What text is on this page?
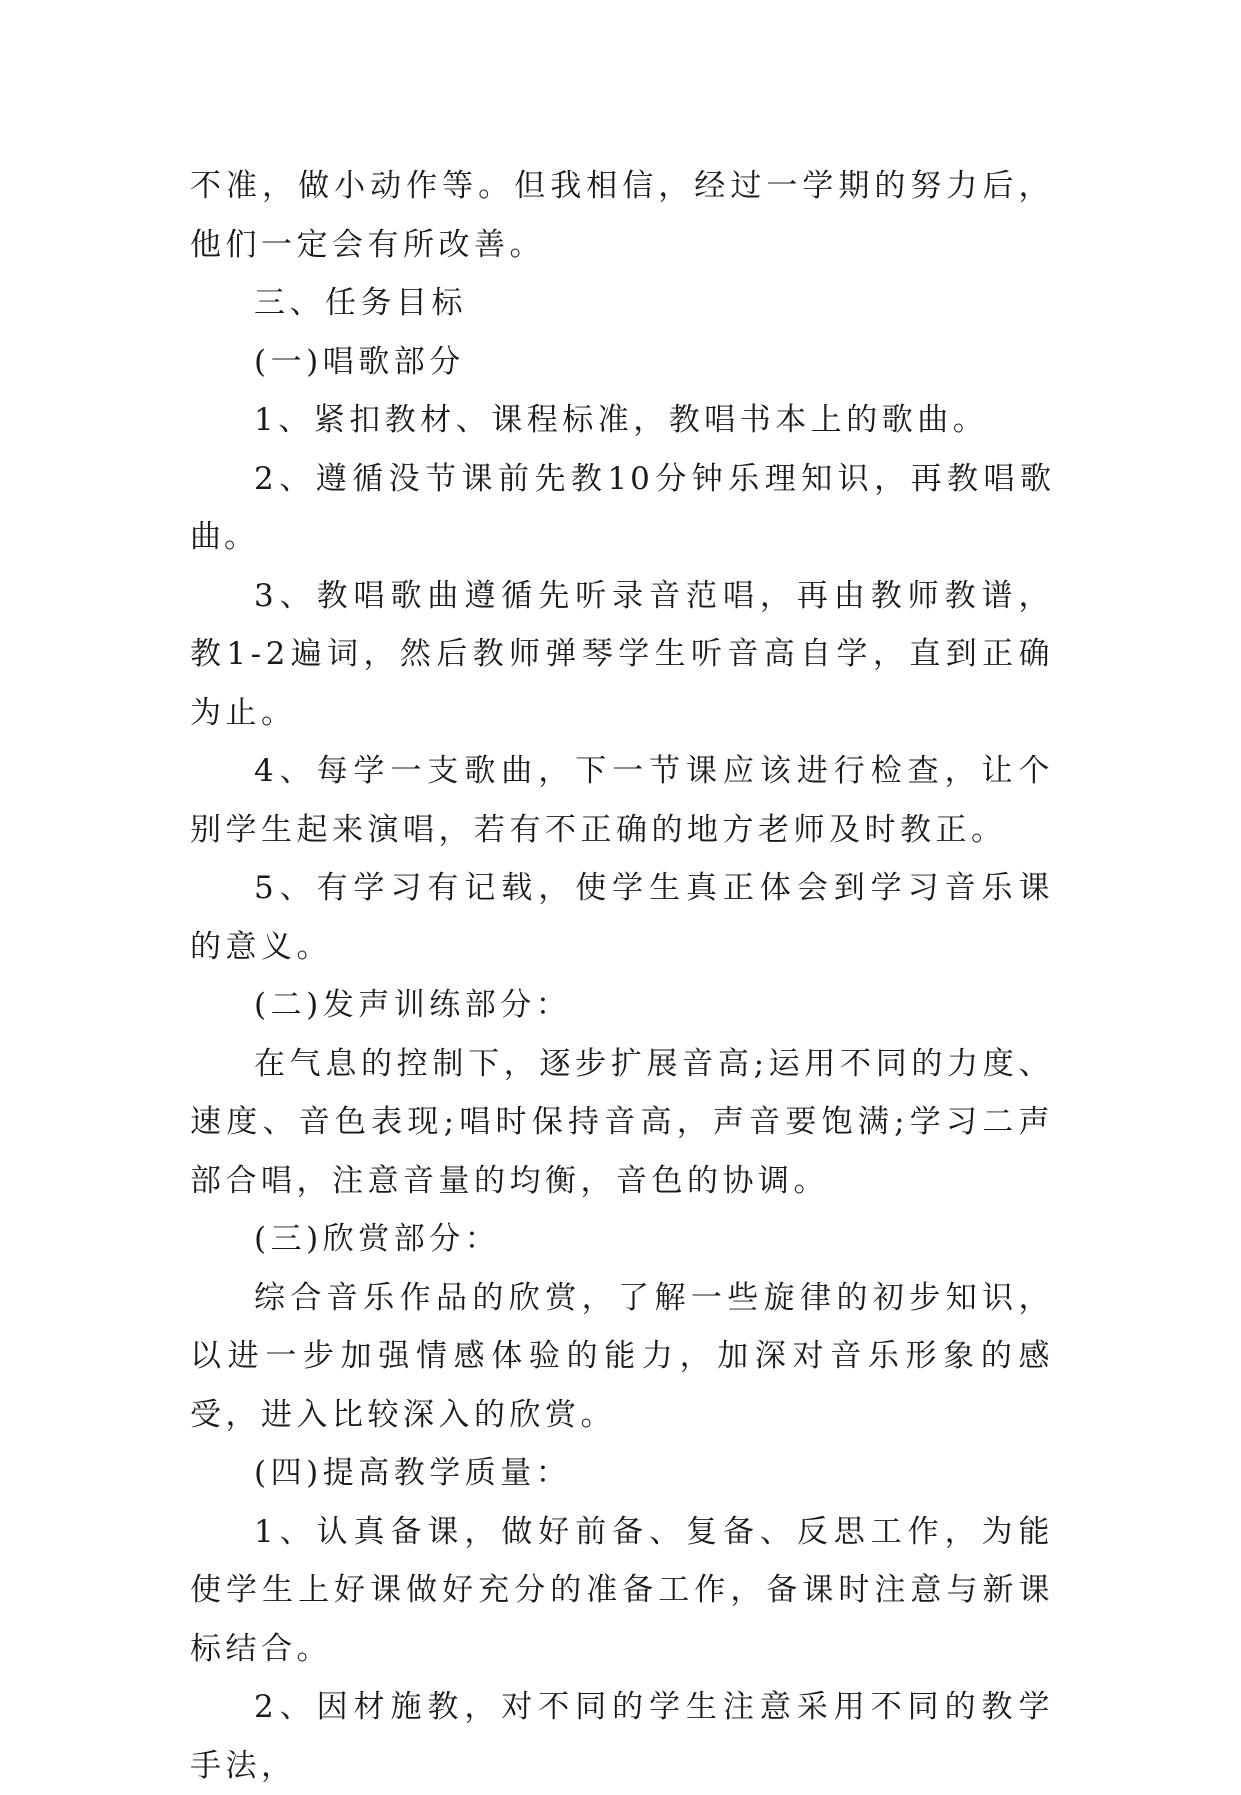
不准，做小动作等。但我相信，经过一学期的努力后，他们一定会有所改善。

三、任务目标

(一)唱歌部分

1、紧扣教材、课程标准，教唱书本上的歌曲。

2、遵循没节课前先教10分钟乐理知识，再教唱歌曲。

3、教唱歌曲遵循先听录音范唱，再由教师教谱，教1-2遍词，然后教师弹琴学生听音高自学，直到正确为止。

4、每学一支歌曲，下一节课应该进行检查，让个别学生起来演唱，若有不正确的地方老师及时教正。

5、有学习有记载，使学生真正体会到学习音乐课的意义。

(二)发声训练部分：

在气息的控制下，逐步扩展音高;运用不同的力度、速度、音色表现;唱时保持音高，声音要饱满;学习二声部合唱，注意音量的均衡，音色的协调。

(三)欣赏部分：

综合音乐作品的欣赏，了解一些旋律的初步知识，以进一步加强情感体验的能力，加深对音乐形象的感受，进入比较深入的欣赏。

(四)提高教学质量：

1、认真备课，做好前备、复备、反思工作，为能使学生上好课做好充分的准备工作，备课时注意与新课标结合。

2、因材施教，对不同的学生注意采用不同的教学手法，
